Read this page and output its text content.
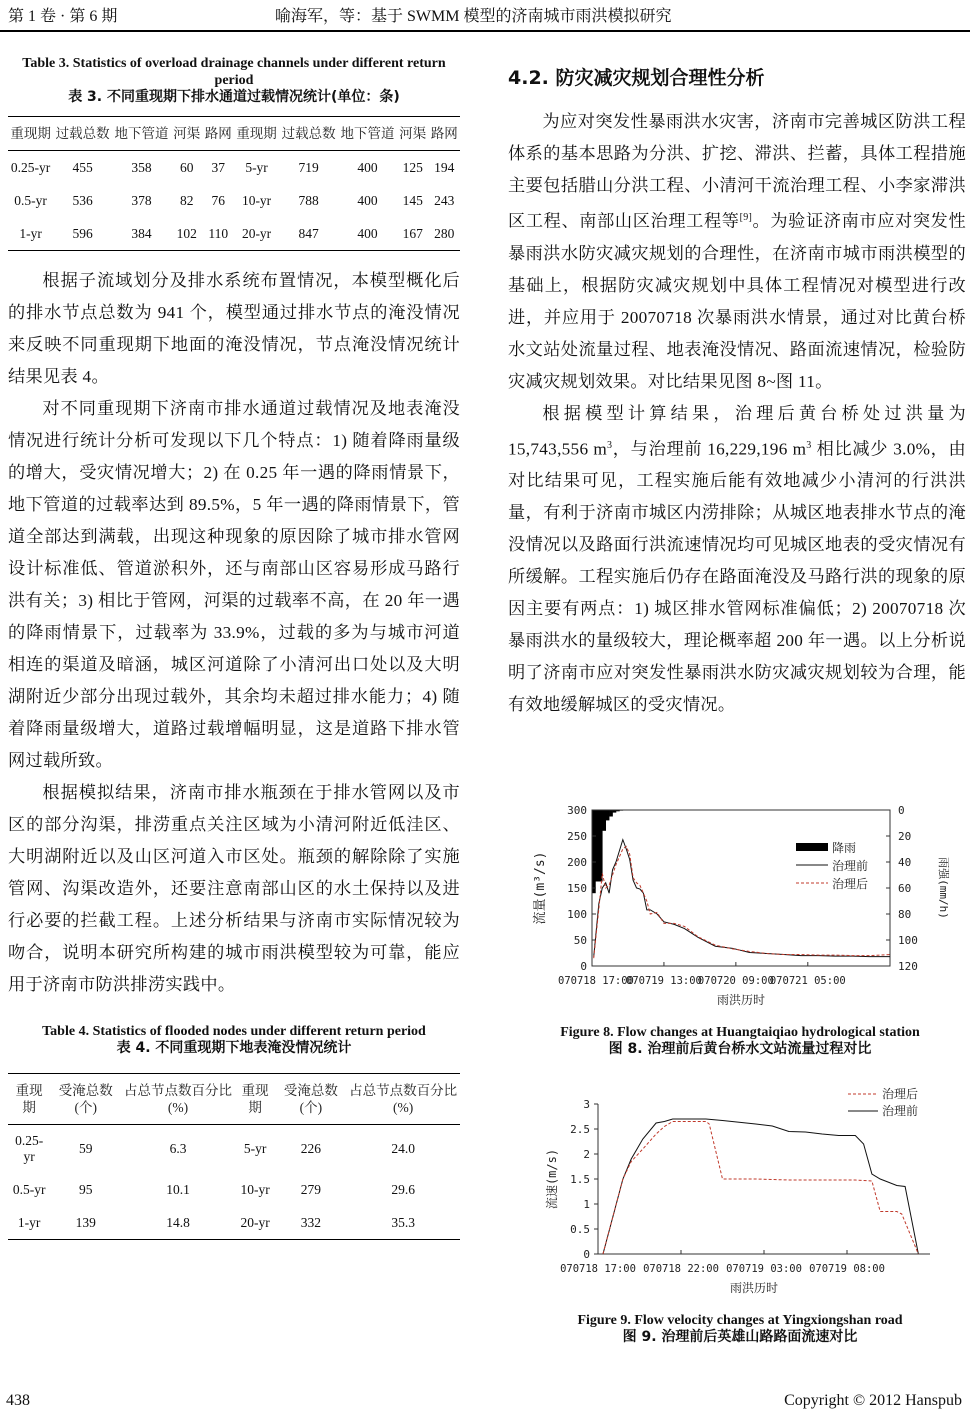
第 1 卷 · 第 6 期	喻海军，等：基于 SWMM 模型的济南城市雨洪模拟研究
Table 3. Statistics of overload drainage channels under different return period
表 3. 不同重现期下排水通道过载情况统计(单位：条)
重现期	过载总数	地下管道	河渠	路网	重现期	过载总数	地下管道	河渠	路网
0.25-yr	455	358	60	37	5-yr	719	400	125	194
0.5-yr	536	378	82	76	10-yr	788	400	145	243
1-yr	596	384	102	110	20-yr	847	400	167	280

根据子流域划分及排水系统布置情况，本模型概化后的排水节点总数为 941 个，模型通过排水节点的淹没情况来反映不同重现期下地面的淹没情况，节点淹没情况统计结果见表 4。

对不同重现期下济南市排水通道过载情况及地表淹没情况进行统计分析可发现以下几个特点：1) 随着降雨量级的增大，受灾情况增大；2) 在 0.25 年一遇的降雨情景下，地下管道的过载率达到 89.5%，5 年一遇的降雨情景下，管道全部达到满载，出现这种现象的原因除了城市排水管网设计标准低、管道淤积外，还与南部山区容易形成马路行洪有关；3) 相比于管网，河渠的过载率不高，在 20 年一遇的降雨情景下，过载率为 33.9%，过载的多为与城市河道相连的渠道及暗涵，城区河道除了小清河出口处以及大明湖附近少部分出现过载外，其余均未超过排水能力；4) 随着降雨量级增大，道路过载增幅明显，这是道路下排水管网过载所致。

根据模拟结果，济南市排水瓶颈在于排水管网以及市区的部分沟渠，排涝重点关注区域为小清河附近低洼区、大明湖附近以及山区河道入市区处。瓶颈的解除除了实施管网、沟渠改造外，还要注意南部山区的水土保持以及进行必要的拦截工程。上述分析结果与济南市实际情况较为吻合，说明本研究所构建的城市雨洪模型较为可靠，能应用于济南市防洪排涝实践中。

Table 4. Statistics of flooded nodes under different return period
表 4. 不同重现期下地表淹没情况统计
重现期	受淹总数(个)	占总节点数百分比(%)	重现期	受淹总数(个)	占总节点数百分比(%)
0.25-yr	59	6.3	5-yr	226	24.0
0.5-yr	95	10.1	10-yr	279	29.6
1-yr	139	14.8	20-yr	332	35.3
4.2. 防灾减灾规划合理性分析

为应对突发性暴雨洪水灾害，济南市完善城区防洪工程体系的基本思路为分洪、扩挖、滞洪、拦蓄，具体工程措施主要包括腊山分洪工程、小清河干流治理工程、小李家滞洪区工程、南部山区治理工程等[9]。为验证济南市应对突发性暴雨洪水防灾减灾规划的合理性，在济南市城市雨洪模型的基础上，根据防灾减灾规划中具体工程情况对模型进行改进，并应用于 20070718 次暴雨洪水情景，通过对比黄台桥水文站处流量过程、地表淹没情况、路面流速情况，检验防灾减灾规划效果。对比结果见图 8~图 11。

根据模型计算结果，治理后黄台桥处过洪量为 15,743,556 $m^3$，与治理前 16,229,196 $m^3$ 相比减少 3.0%，由对比结果可见，工程实施后能有效地减少小清河的行洪洪量，有利于济南市城区内涝排除；从城区地表排水节点的淹没情况以及路面行洪流速情况均可见城区地表的受灾情况有所缓解。工程实施后仍存在路面淹没及马路行洪的现象的原因主要有两点：1) 城区排水管网标准偏低；2) 20070718 次暴雨洪水的量级较大，理论概率超 200 年一遇。以上分析说明了济南市应对突发性暴雨洪水防灾减灾规划较为合理，能有效地缓解城区的受灾情况。

0
50
100
150
200
250
300	0
20
40
60
80
100
120
070718 17:00
070719 13:00
070720 09:00
070721 05:00
雨洪历时
流量(m³/s)	雨强(mm/h)
降雨
治理前
治理后
Figure 8. Flow changes at Huangtaiqiao hydrological station
图 8. 治理前后黄台桥水文站流量过程对比
0
0.5
1
1.5
2
2.5
3
070718 17:00 070718 22:00 070719 03:00 070719 08:00
雨洪历时
流速(m/s)
治理后
治理前
Figure 9. Flow velocity changes at Yingxiongshan road
图 9. 治理前后英雄山路路面流速对比
438	Copyright © 2012 Hanspub
